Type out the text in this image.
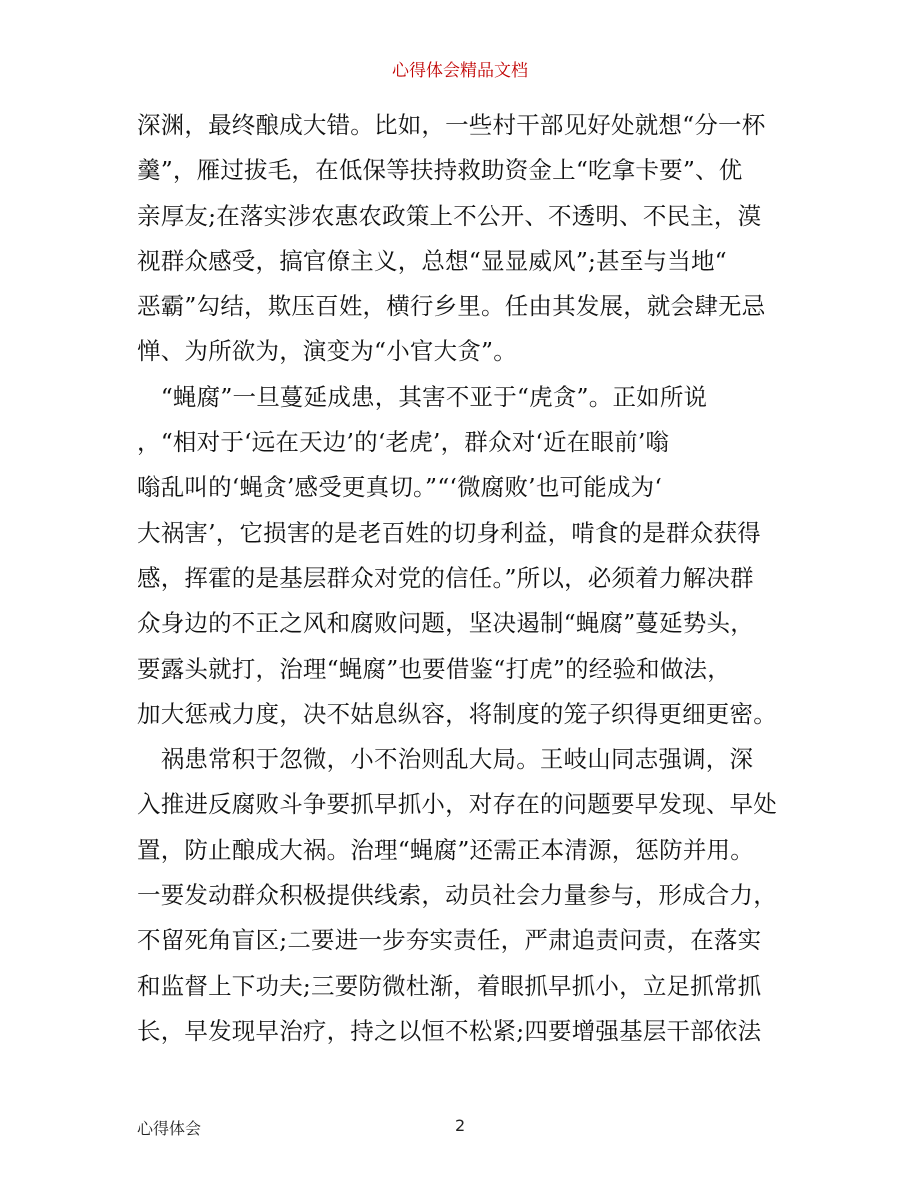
心得体会精品文档
深渊，最终酿成大错。比如，一些村干部见好处就想“分一杯
羹”，雁过拔毛，在低保等扶持救助资金上“吃拿卡要”、优
亲厚友;在落实涉农惠农政策上不公开、不透明、不民主，漠
视群众感受，搞官僚主义，总想“显显威风”;甚至与当地“
恶霸”勾结，欺压百姓，横行乡里。任由其发展，就会肆无忌
惮、为所欲为，演变为“小官大贪”。
　“蝇腐”一旦蔓延成患，其害不亚于“虎贪”。正如所说
，“相对于‘远在天边’的‘老虎’，群众对‘近在眼前’嗡
嗡乱叫的‘蝇贪’感受更真切。”“‘微腐败’也可能成为‘
大祸害’，它损害的是老百姓的切身利益，啃食的是群众获得
感，挥霍的是基层群众对党的信任。”所以，必须着力解决群
众身边的不正之风和腐败问题，坚决遏制“蝇腐”蔓延势头，
要露头就打，治理“蝇腐”也要借鉴“打虎”的经验和做法，
加大惩戒力度，决不姑息纵容，将制度的笼子织得更细更密。
　祸患常积于忽微，小不治则乱大局。王岐山同志强调，深
入推进反腐败斗争要抓早抓小，对存在的问题要早发现、早处
置，防止酿成大祸。治理“蝇腐”还需正本清源，惩防并用。
一要发动群众积极提供线索，动员社会力量参与，形成合力，
不留死角盲区;二要进一步夯实责任，严肃追责问责，在落实
和监督上下功夫;三要防微杜渐，着眼抓早抓小，立足抓常抓
长，早发现早治疗，持之以恒不松紧;四要增强基层干部依法
心得体会	2
